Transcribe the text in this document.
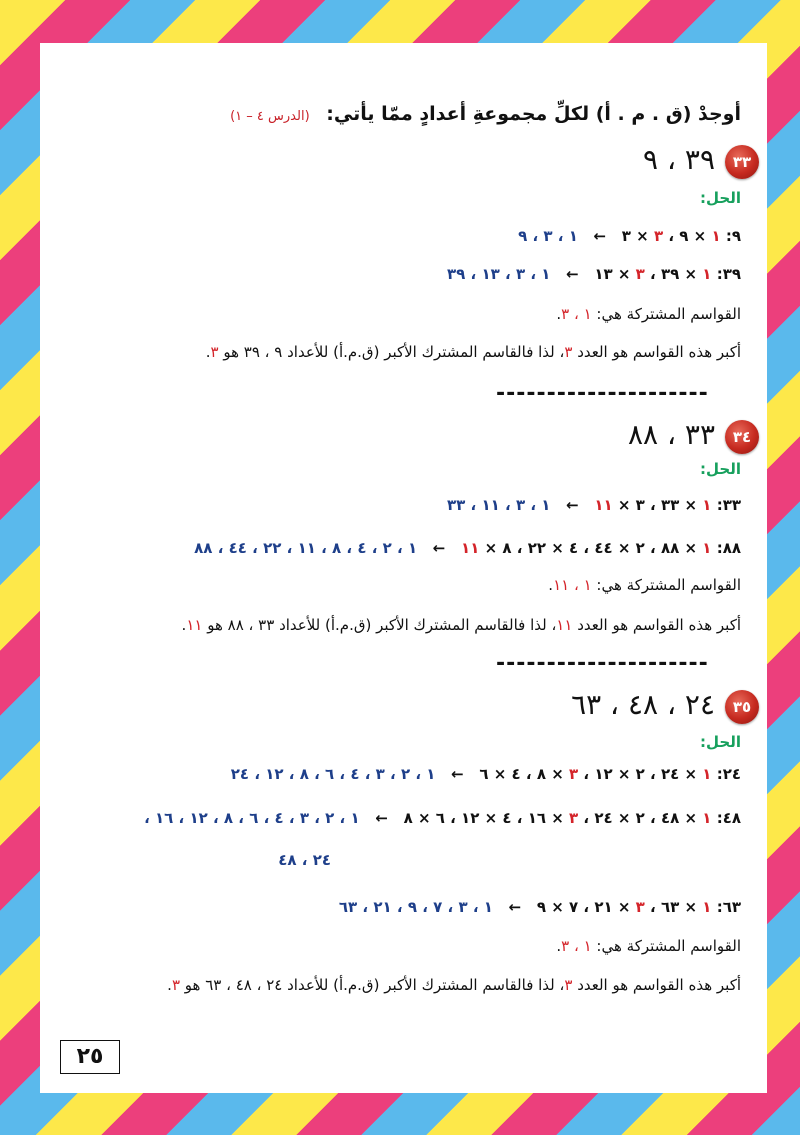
أوجدْ (ق . م . أ) لكلِّ مجموعةِ أعدادٍ ممّا يأتي: (الدرس ٤ – ١)
٣٣
٣٩ ، ٩
الحل:
٩: ١ × ٩ ، ٣ × ٣   ←   ١ ، ٣ ، ٩
٣٩: ١ × ٣٩ ، ٣ × ١٣   ←   ١ ، ٣ ، ١٣ ، ٣٩
القواسم المشتركة هي: ١ ، ٣.
أكبر هذه القواسم هو العدد ٣، لذا فالقاسم المشترك الأكبر (ق.م.أ) للأعداد ٩ ، ٣٩ هو ٣.
---------------------
٣٤
٣٣ ، ٨٨
الحل:
٣٣: ١ × ٣٣ ، ٣ × ١١   ←   ١ ، ٣ ، ١١ ، ٣٣
٨٨: ١ × ٨٨ ، ٢ × ٤٤ ، ٤ × ٢٢ ، ٨ × ١١   ←   ١ ، ٢ ، ٤ ، ٨ ، ١١ ، ٢٢ ، ٤٤ ، ٨٨
القواسم المشتركة هي: ١ ، ١١.
أكبر هذه القواسم هو العدد ١١، لذا فالقاسم المشترك الأكبر (ق.م.أ) للأعداد ٣٣ ، ٨٨ هو ١١.
---------------------
٣٥
٢٤ ، ٤٨ ، ٦٣
الحل:
٢٤: ١ × ٢٤ ، ٢ × ١٢ ، ٣ × ٨ ، ٤ × ٦   ←   ١ ، ٢ ، ٣ ، ٤ ، ٦ ، ٨ ، ١٢ ، ٢٤
٤٨: ١ × ٤٨ ، ٢ × ٢٤ ، ٣ × ١٦ ، ٤ × ١٢ ، ٦ × ٨   ←   ١ ، ٢ ، ٣ ، ٤ ، ٦ ، ٨ ، ١٢ ، ١٦ ،
٢٤ ، ٤٨
٦٣: ١ × ٦٣ ، ٣ × ٢١ ، ٧ × ٩   ←   ١ ، ٣ ، ٧ ، ٩ ، ٢١ ، ٦٣
القواسم المشتركة هي: ١ ، ٣.
أكبر هذه القواسم هو العدد ٣، لذا فالقاسم المشترك الأكبر (ق.م.أ) للأعداد ٢٤ ، ٤٨ ، ٦٣ هو ٣.
٢٥
